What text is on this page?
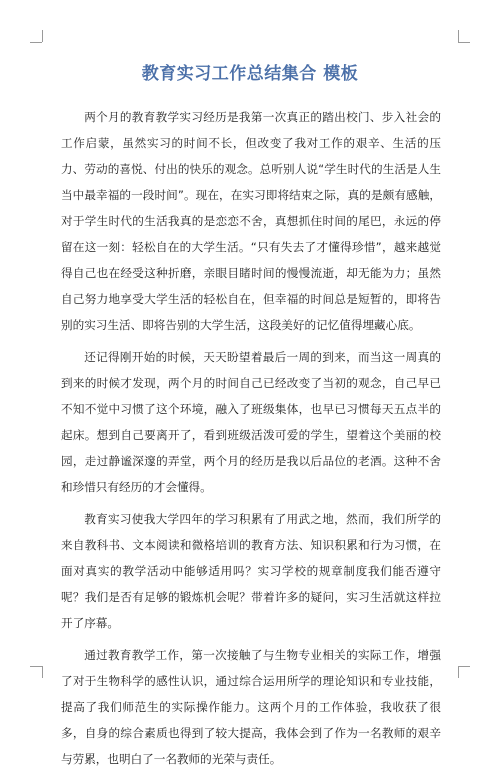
教育实习工作总结集合 模板

两个月的教育教学实习经历是我第一次真正的踏出校门、步入社会的工作启蒙，虽然实习的时间不长，但改变了我对工作的艰辛、生活的压力、劳动的喜悦、付出的快乐的观念。总听别人说“学生时代的生活是人生当中最幸福的一段时间”。现在，在实习即将结束之际，真的是颇有感触，对于学生时代的生活我真的是恋恋不舍，真想抓住时间的尾巴，永远的停留在这一刻：轻松自在的大学生活。“只有失去了才懂得珍惜”，越来越觉得自己也在经受这种折磨，亲眼目睹时间的慢慢流逝，却无能为力；虽然自己努力地享受大学生活的轻松自在，但幸福的时间总是短暂的，即将告别的实习生活、即将告别的大学生活，这段美好的记忆值得埋藏心底。

还记得刚开始的时候，天天盼望着最后一周的到来，而当这一周真的到来的时候才发现，两个月的时间自己已经改变了当初的观念，自己早已不知不觉中习惯了这个环境，融入了班级集体，也早已习惯每天五点半的起床。想到自己要离开了，看到班级活泼可爱的学生，望着这个美丽的校园，走过静谧深邃的弄堂，两个月的经历是我以后品位的老酒。这种不舍和珍惜只有经历的才会懂得。

教育实习使我大学四年的学习积累有了用武之地，然而，我们所学的来自教科书、文本阅读和微格培训的教育方法、知识积累和行为习惯，在面对真实的教学活动中能够适用吗？实习学校的规章制度我们能否遵守呢？我们是否有足够的锻炼机会呢？带着许多的疑问，实习生活就这样拉开了序幕。

通过教育教学工作，第一次接触了与生物专业相关的实际工作，增强了对于生物科学的感性认识，通过综合运用所学的理论知识和专业技能，提高了我们师范生的实际操作能力。这两个月的工作体验，我收获了很多，自身的综合素质也得到了较大提高，我体会到了作为一名教师的艰辛与劳累，也明白了一名教师的光荣与责任。
